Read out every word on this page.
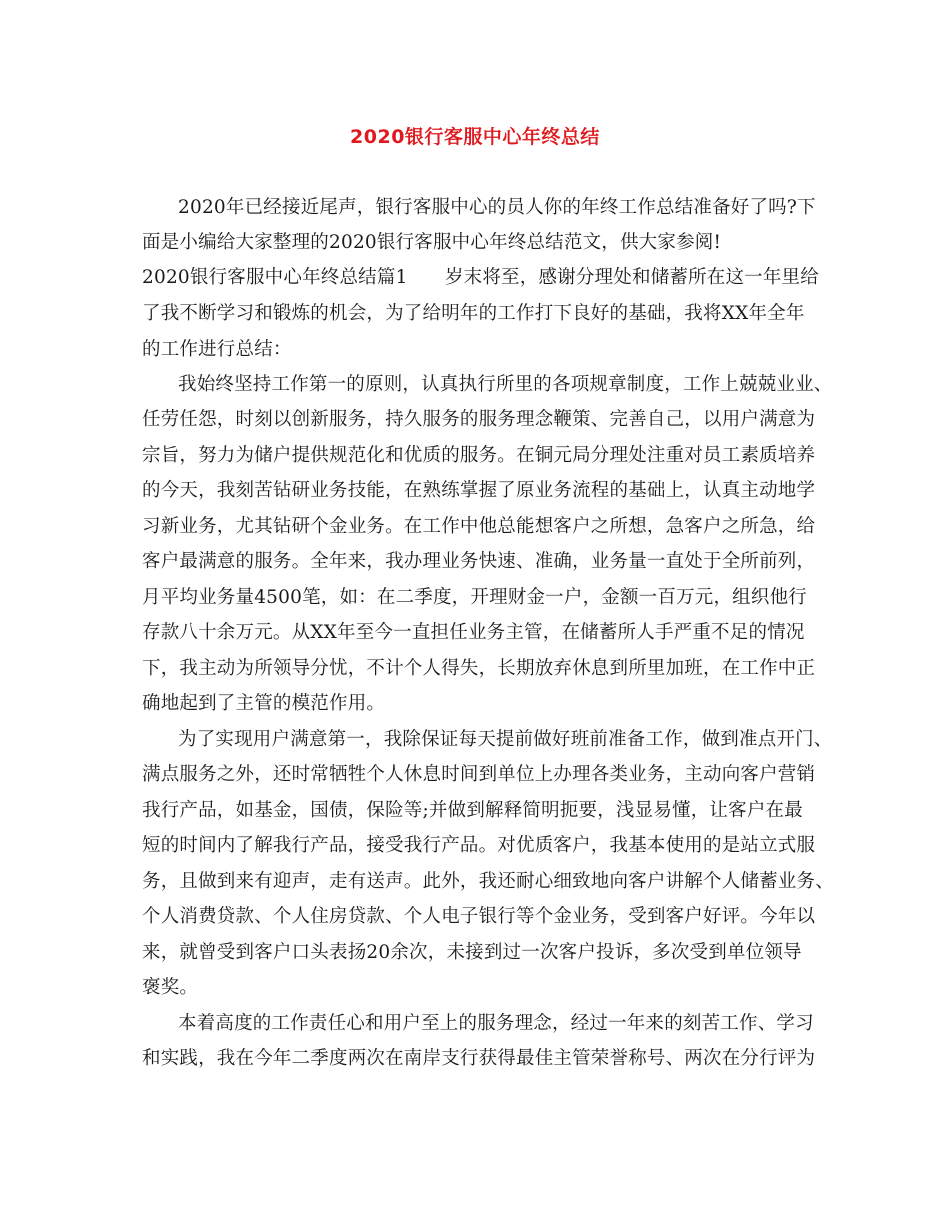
2020银行客服中心年终总结
2020年已经接近尾声，银行客服中心的员人你的年终工作总结准备好了吗?下
面是小编给大家整理的2020银行客服中心年终总结范文，供大家参阅!
2020银行客服中心年终总结篇1　　岁末将至，感谢分理处和储蓄所在这一年里给
了我不断学习和锻炼的机会，为了给明年的工作打下良好的基础，我将XX年全年
的工作进行总结：
我始终坚持工作第一的原则，认真执行所里的各项规章制度，工作上兢兢业业、
任劳任怨，时刻以创新服务，持久服务的服务理念鞭策、完善自己，以用户满意为
宗旨，努力为储户提供规范化和优质的服务。在铜元局分理处注重对员工素质培养
的今天，我刻苦钻研业务技能，在熟练掌握了原业务流程的基础上，认真主动地学
习新业务，尤其钻研个金业务。在工作中他总能想客户之所想，急客户之所急，给
客户最满意的服务。全年来，我办理业务快速、准确，业务量一直处于全所前列，
月平均业务量4500笔，如：在二季度，开理财金一户，金额一百万元，组织他行
存款八十余万元。从XX年至今一直担任业务主管，在储蓄所人手严重不足的情况
下，我主动为所领导分忧，不计个人得失，长期放弃休息到所里加班，在工作中正
确地起到了主管的模范作用。
为了实现用户满意第一，我除保证每天提前做好班前准备工作，做到准点开门、
满点服务之外，还时常牺牲个人休息时间到单位上办理各类业务，主动向客户营销
我行产品，如基金，国债，保险等;并做到解释简明扼要，浅显易懂，让客户在最
短的时间内了解我行产品，接受我行产品。对优质客户，我基本使用的是站立式服
务，且做到来有迎声，走有送声。此外，我还耐心细致地向客户讲解个人储蓄业务、
个人消费贷款、个人住房贷款、个人电子银行等个金业务，受到客户好评。今年以
来，就曾受到客户口头表扬20余次，未接到过一次客户投诉，多次受到单位领导
褒奖。
本着高度的工作责任心和用户至上的服务理念，经过一年来的刻苦工作、学习
和实践，我在今年二季度两次在南岸支行获得最佳主管荣誉称号、两次在分行评为
